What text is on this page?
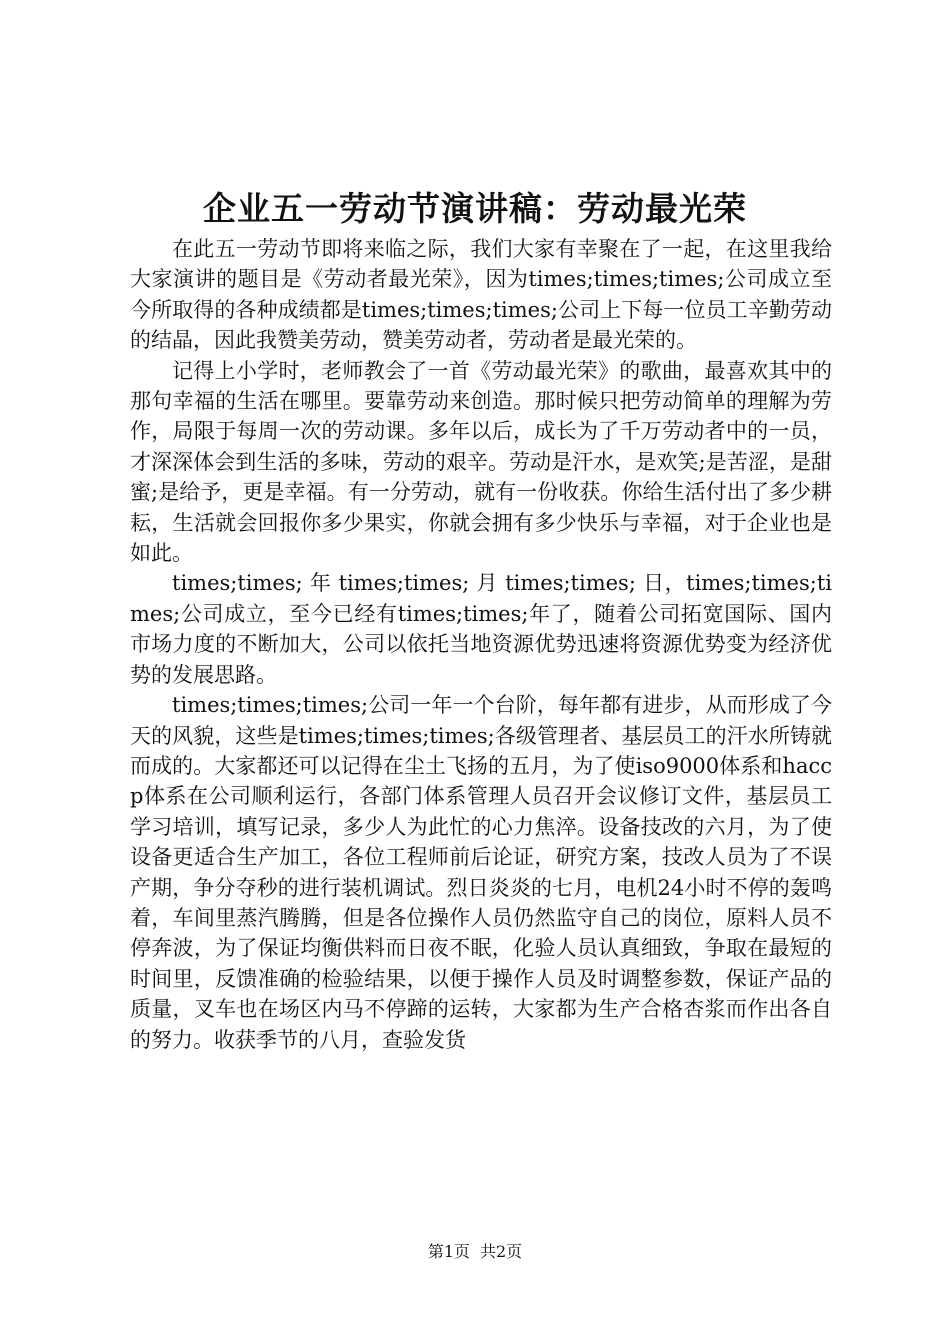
企业五一劳动节演讲稿：劳动最光荣

在此五一劳动节即将来临之际，我们大家有幸聚在了一起，在这里我给大家演讲的题目是《劳动者最光荣》，因为times;times;times;公司成立至今所取得的各种成绩都是times;times;times;公司上下每一位员工辛勤劳动的结晶，因此我赞美劳动，赞美劳动者，劳动者是最光荣的。

记得上小学时，老师教会了一首《劳动最光荣》的歌曲，最喜欢其中的那句幸福的生活在哪里。要靠劳动来创造。那时候只把劳动简单的理解为劳作，局限于每周一次的劳动课。多年以后，成长为了千万劳动者中的一员，才深深体会到生活的多味，劳动的艰辛。劳动是汗水，是欢笑;是苦涩，是甜蜜;是给予，更是幸福。有一分劳动，就有一份收获。你给生活付出了多少耕耘，生活就会回报你多少果实，你就会拥有多少快乐与幸福，对于企业也是如此。

times;times; 年 times;times; 月 times;times; 日，times;times;times;公司成立，至今已经有times;times;年了，随着公司拓宽国际、国内市场力度的不断加大，公司以依托当地资源优势迅速将资源优势变为经济优势的发展思路。

times;times;times;公司一年一个台阶，每年都有进步，从而形成了今天的风貌，这些是times;times;times;各级管理者、基层员工的汗水所铸就而成的。大家都还可以记得在尘土飞扬的五月，为了使iso9000体系和haccp体系在公司顺利运行，各部门体系管理人员召开会议修订文件，基层员工学习培训，填写记录，多少人为此忙的心力焦淬。设备技改的六月，为了使设备更适合生产加工，各位工程师前后论证，研究方案，技改人员为了不误产期，争分夺秒的进行装机调试。烈日炎炎的七月，电机24小时不停的轰鸣着，车间里蒸汽腾腾，但是各位操作人员仍然监守自己的岗位，原料人员不停奔波，为了保证均衡供料而日夜不眠，化验人员认真细致，争取在最短的时间里，反馈准确的检验结果，以便于操作人员及时调整参数，保证产品的质量，叉车也在场区内马不停蹄的运转，大家都为生产合格杏浆而作出各自的努力。收获季节的八月，查验发货

第1页 共2页
